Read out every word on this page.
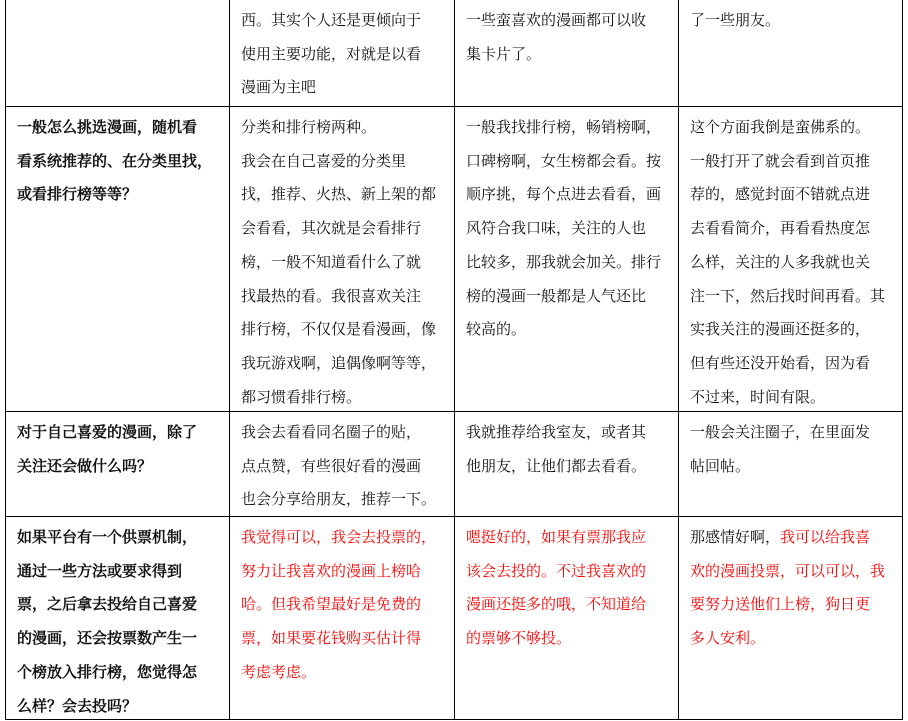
西。其实个人还是更倾向于
使用主要功能，对就是以看
漫画为主吧
一些蛮喜欢的漫画都可以收
集卡片了。
了一些朋友。
一般怎么挑选漫画，随机看
看系统推荐的、在分类里找，
或看排行榜等等？
分类和排行榜两种。
我会在自己喜爱的分类里
找，推荐、火热、新上架的都
会看看，其次就是会看排行
榜，一般不知道看什么了就
找最热的看。我很喜欢关注
排行榜，不仅仅是看漫画，像
我玩游戏啊，追偶像啊等等，
都习惯看排行榜。
一般我找排行榜，畅销榜啊，
口碑榜啊，女生榜都会看。按
顺序挑，每个点进去看看，画
风符合我口味，关注的人也
比较多，那我就会加关。排行
榜的漫画一般都是人气还比
较高的。
这个方面我倒是蛮佛系的。
一般打开了就会看到首页推
荐的，感觉封面不错就点进
去看看简介，再看看热度怎
么样，关注的人多我就也关
注一下，然后找时间再看。其
实我关注的漫画还挺多的，
但有些还没开始看，因为看
不过来，时间有限。
对于自己喜爱的漫画，除了
关注还会做什么吗？
我会去看看同名圈子的贴，
点点赞，有些很好看的漫画
也会分享给朋友，推荐一下。
我就推荐给我室友，或者其
他朋友，让他们都去看看。
一般会关注圈子，在里面发
帖回帖。
如果平台有一个供票机制，
通过一些方法或要求得到
票，之后拿去投给自己喜爱
的漫画，还会按票数产生一
个榜放入排行榜，您觉得怎
么样？会去投吗？
我觉得可以，我会去投票的，
努力让我喜欢的漫画上榜哈
哈。但我希望最好是免费的
票，如果要花钱购买估计得
考虑考虑。
嗯挺好的，如果有票那我应
该会去投的。不过我喜欢的
漫画还挺多的哦，不知道给
的票够不够投。
那感情好啊，我可以给我喜
欢的漫画投票，可以可以，我
要努力送他们上榜，狗日更
多人安利。
